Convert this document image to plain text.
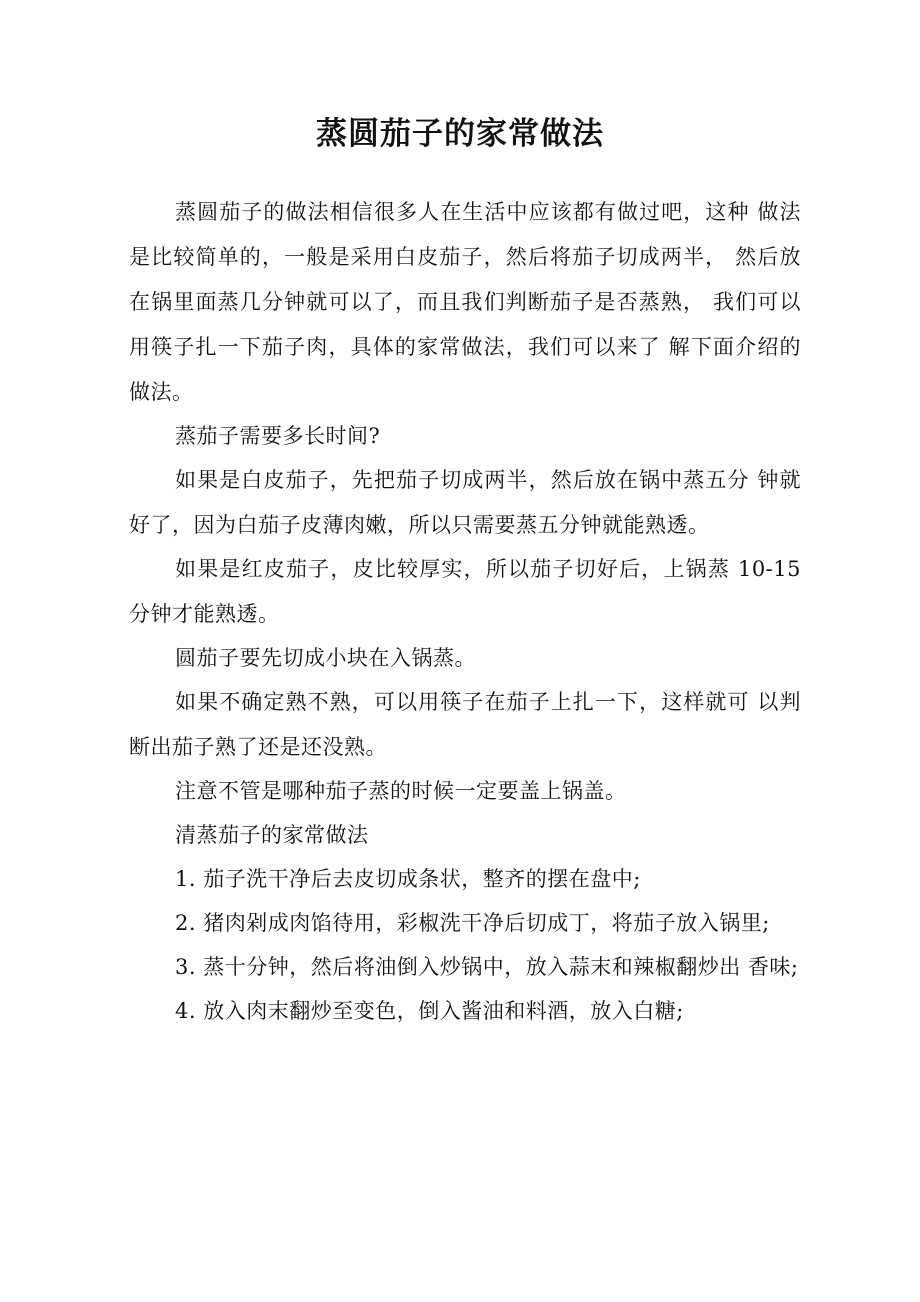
蒸圆茄子的家常做法

蒸圆茄子的做法相信很多人在生活中应该都有做过吧，这种 做法是比较简单的，一般是采用白皮茄子，然后将茄子切成两半， 然后放在锅里面蒸几分钟就可以了，而且我们判断茄子是否蒸熟， 我们可以用筷子扎一下茄子肉，具体的家常做法，我们可以来了 解下面介绍的做法。

蒸茄子需要多长时间?

如果是白皮茄子，先把茄子切成两半，然后放在锅中蒸五分 钟就好了，因为白茄子皮薄肉嫩，所以只需要蒸五分钟就能熟透。

如果是红皮茄子，皮比较厚实，所以茄子切好后，上锅蒸 10-15 分钟才能熟透。

圆茄子要先切成小块在入锅蒸。

如果不确定熟不熟，可以用筷子在茄子上扎一下，这样就可 以判断出茄子熟了还是还没熟。

注意不管是哪种茄子蒸的时候一定要盖上锅盖。

清蒸茄子的家常做法

1. 茄子洗干净后去皮切成条状，整齐的摆在盘中;

2. 猪肉剁成肉馅待用，彩椒洗干净后切成丁，将茄子放入锅里;

3. 蒸十分钟，然后将油倒入炒锅中，放入蒜末和辣椒翻炒出 香味;

4. 放入肉末翻炒至变色，倒入酱油和料酒，放入白糖;
